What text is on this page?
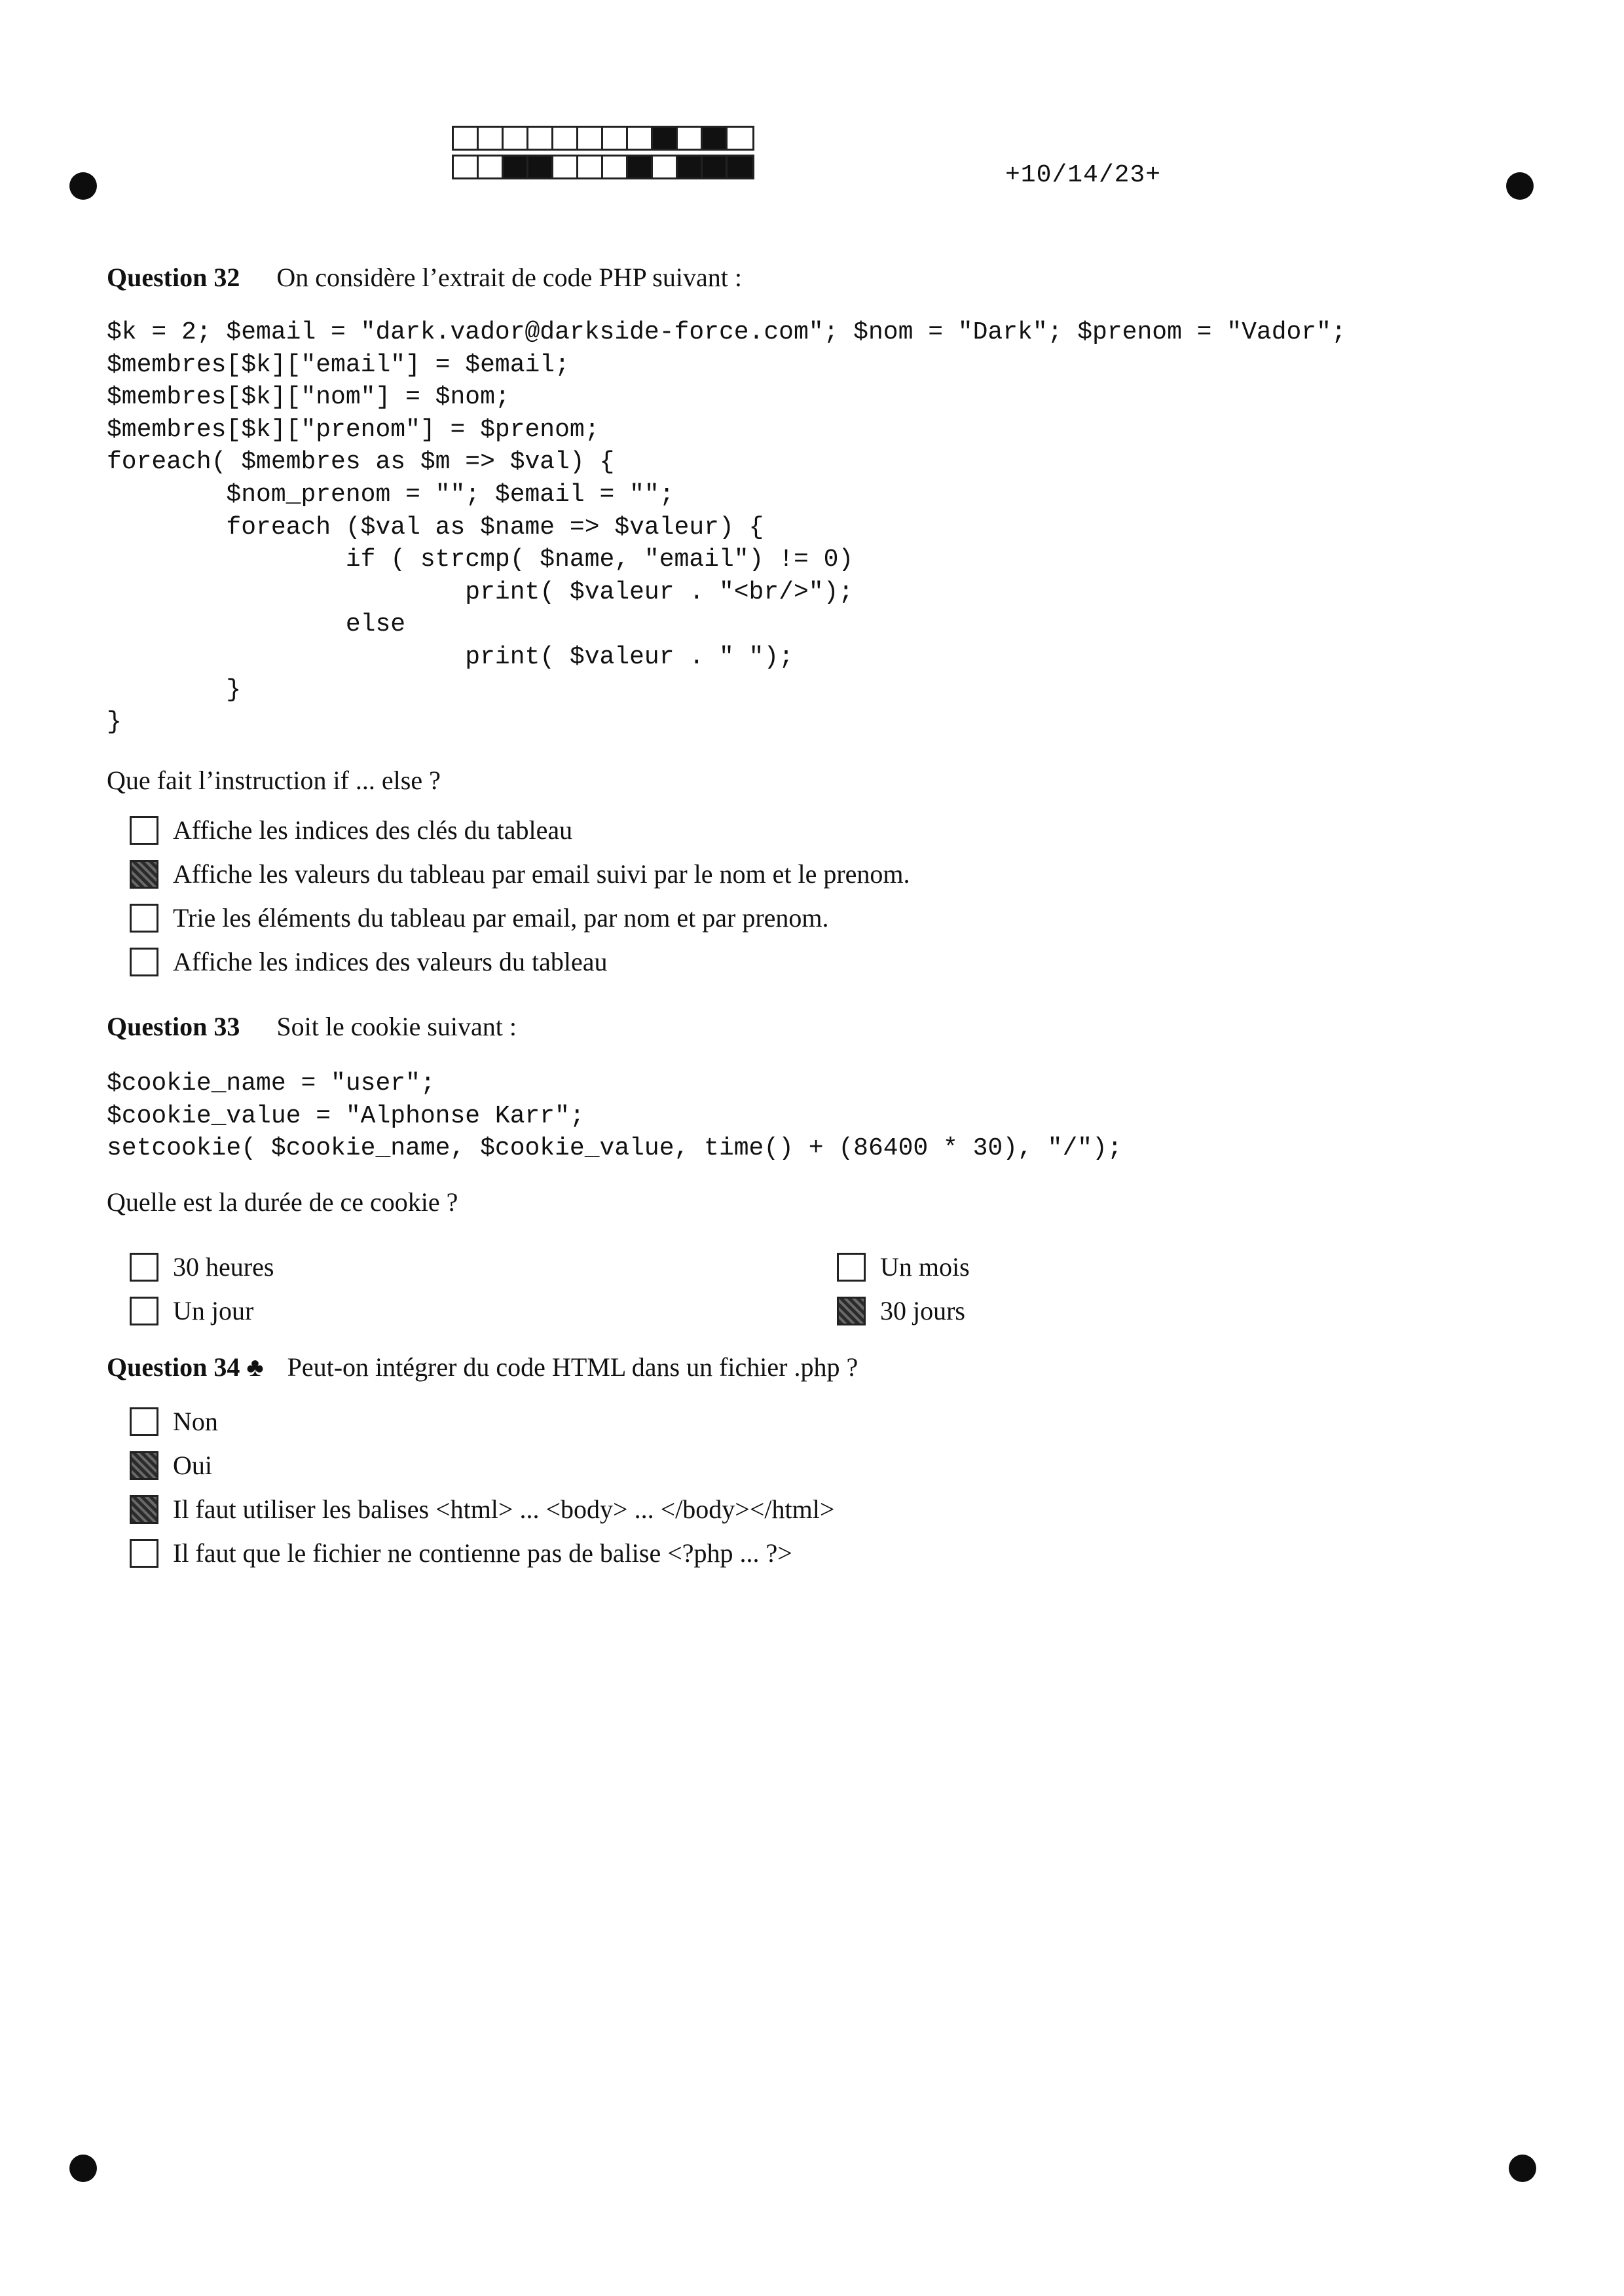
+10/14/23+
Question 32 On considère l’extrait de code PHP suivant :
$k = 2; $email = "dark.vador@darkside-force.com"; $nom = "Dark"; $prenom = "Vador";
$membres[$k]["email"] = $email;
$membres[$k]["nom"] = $nom;
$membres[$k]["prenom"] = $prenom;
foreach( $membres as $m => $val) {
$nom_prenom = ""; $email = "";
foreach ($val as $name => $valeur) {
if ( strcmp( $name, "email") != 0)
print( $valeur . "<br/>");
else
print( $valeur . " ");
}
}
Que fait l’instruction if ... else ?
Affiche les indices des clés du tableau
Affiche les valeurs du tableau par email suivi par le nom et le prenom.
Trie les éléments du tableau par email, par nom et par prenom.
Affiche les indices des valeurs du tableau
Question 33 Soit le cookie suivant :
$cookie_name = "user";
$cookie_value = "Alphonse Karr";
setcookie( $cookie_name, $cookie_value, time() + (86400 * 30), "/");
Quelle est la durée de ce cookie ?
30 heures
Un jour
Un mois
30 jours
Question 34 ♣ Peut-on intégrer du code HTML dans un fichier .php ?
Non
Oui
Il faut utiliser les balises <html> ... <body> ... </body></html>
Il faut que le fichier ne contienne pas de balise <?php ... ?>
